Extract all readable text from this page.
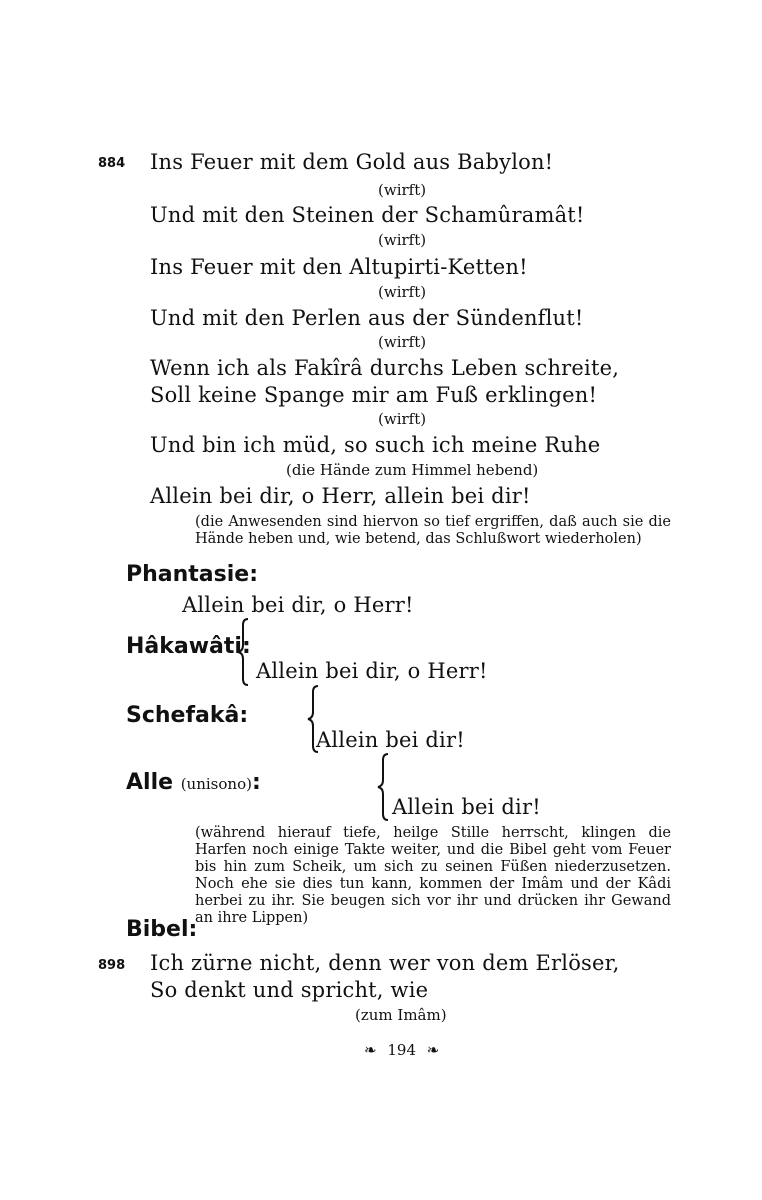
884 Ins Feuer mit dem Gold aus Babylon!
(wirft)
Und mit den Steinen der Schamûramât!
(wirft)
Ins Feuer mit den Altupirti-Ketten!
(wirft)
Und mit den Perlen aus der Sündenflut!
(wirft)
Wenn ich als Fakîrâ durchs Leben schreite,
Soll keine Spange mir am Fuß erklingen!
(wirft)
Und bin ich müd, so such ich meine Ruhe
(die Hände zum Himmel hebend)
Allein bei dir, o Herr, allein bei dir!
(die Anwesenden sind hiervon so tief ergriffen, daß auch sie die Hände heben und, wie betend, das Schlußwort wiederholen)
Phantasie:
Allein bei dir, o Herr!
Hâkawâti:
Allein bei dir, o Herr!
Schefakâ:
Allein bei dir!
Alle (unisono):
Allein bei dir!
(während hierauf tiefe, heilge Stille herrscht, klingen die Harfen noch einige Takte weiter, und die Bibel geht vom Feuer bis hin zum Scheik, um sich zu seinen Füßen niederzusetzen. Noch ehe sie dies tun kann, kommen der Imâm und der Kâdi herbei zu ihr. Sie beugen sich vor ihr und drücken ihr Gewand an ihre Lippen)
Bibel:
898 Ich zürne nicht, denn wer von dem Erlöser,
So denkt und spricht, wie
(zum Imâm)
❧ 194 ❧
